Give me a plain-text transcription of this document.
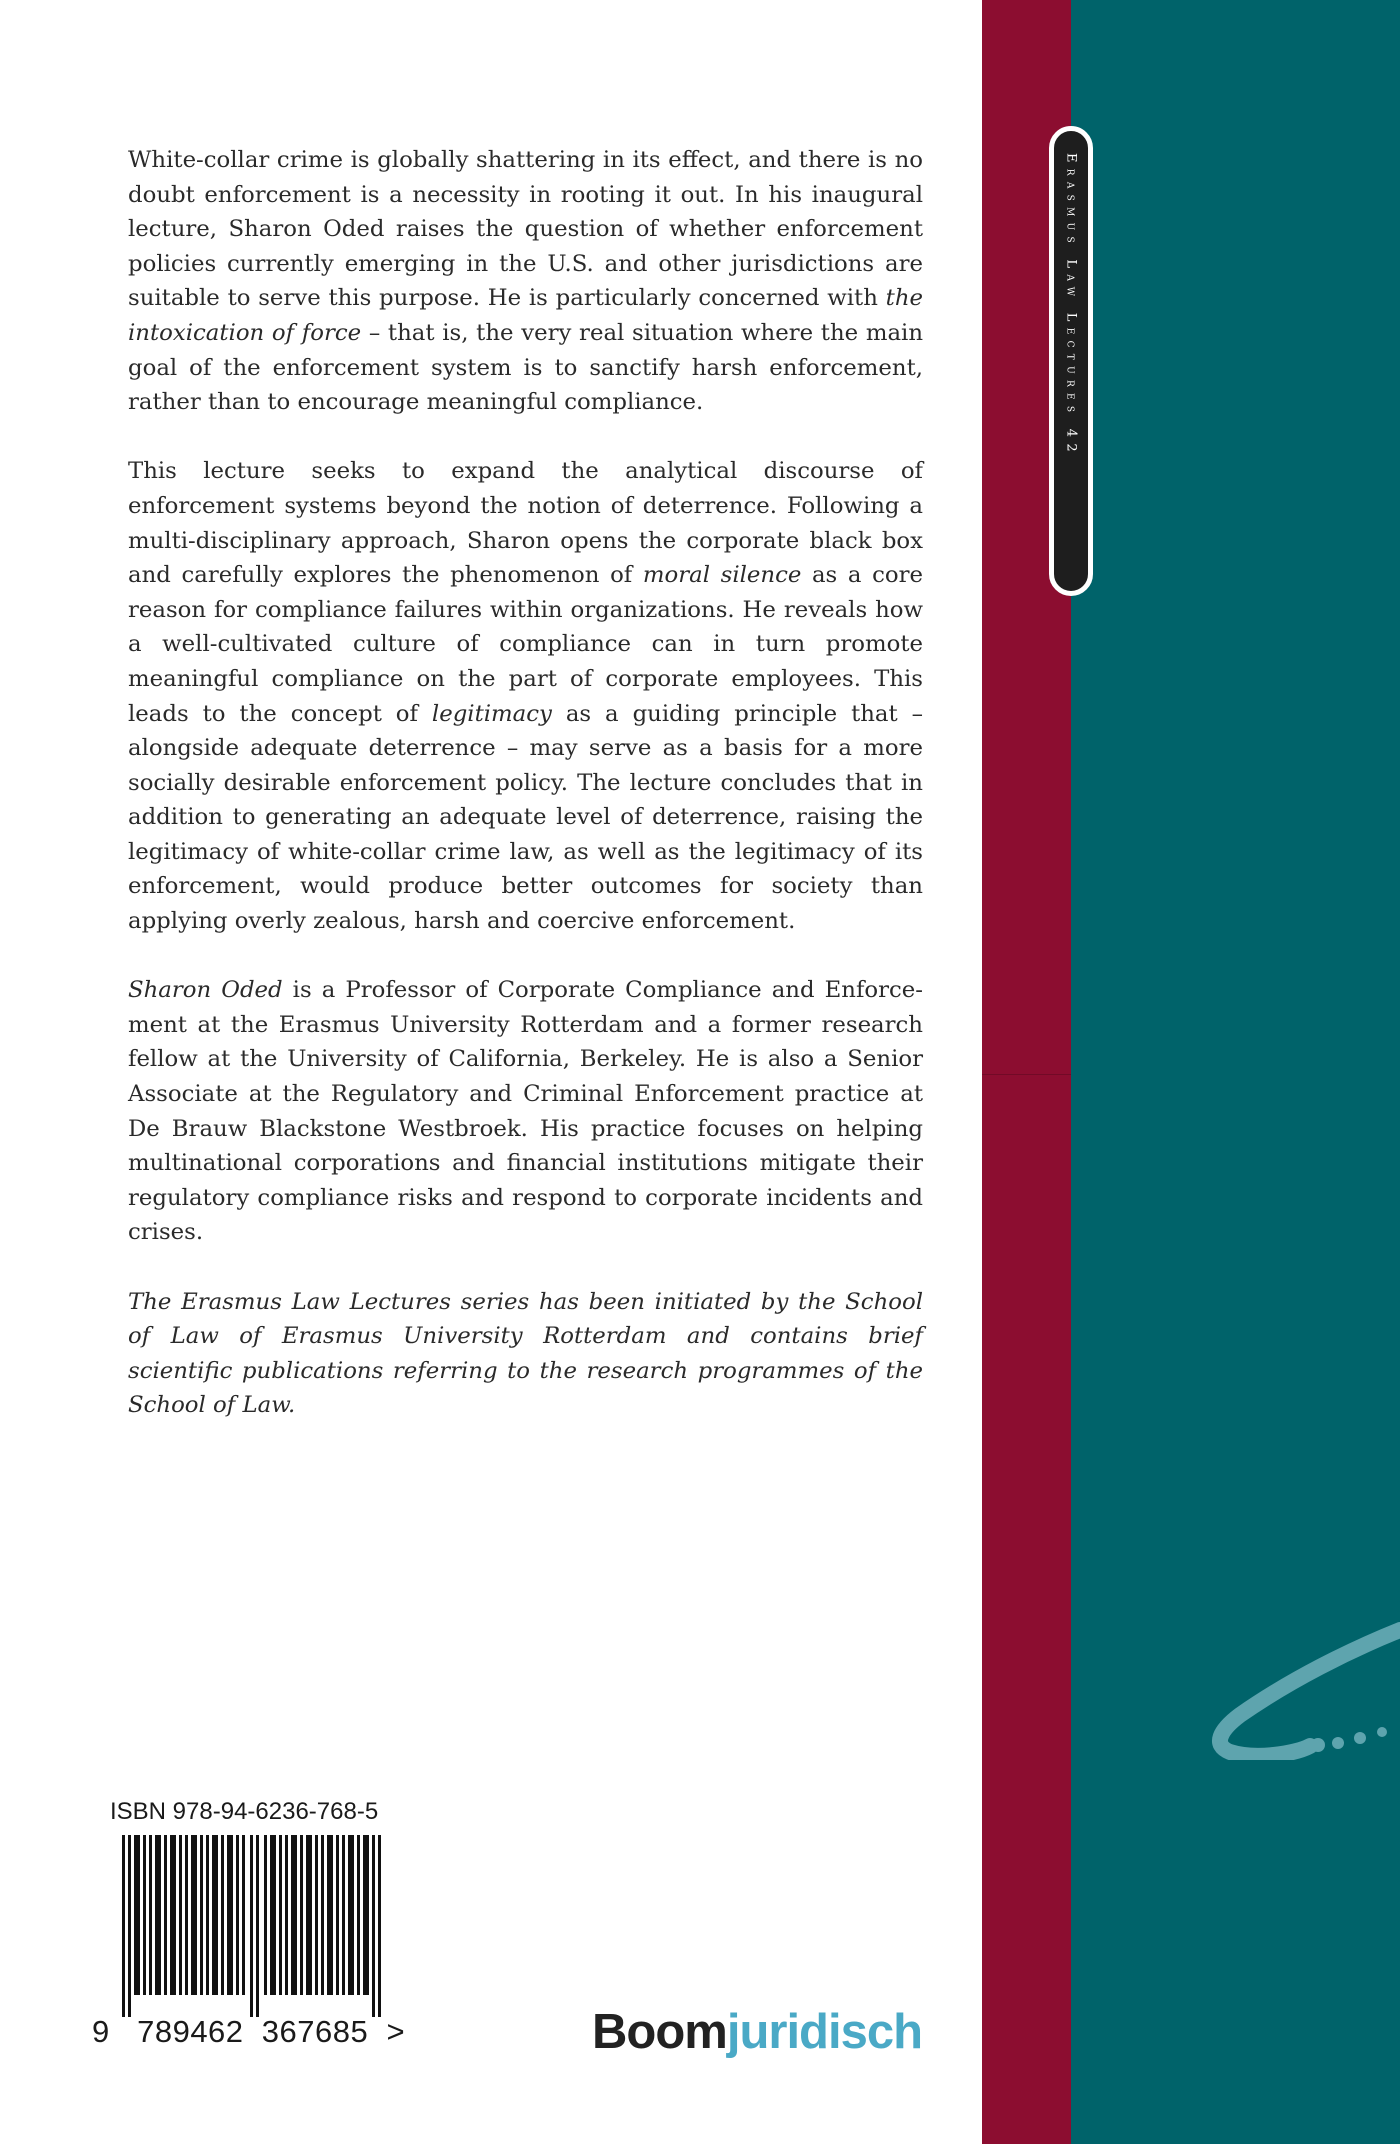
Erasmus Law Lectures 42

White-collar crime is globally shattering in its effect, and there is no doubt enforcement is a necessity in rooting it out. In his inaugural lecture, Sharon Oded raises the question of whether enforcement policies currently emerging in the U.S. and other jurisdictions are suitable to serve this purpose. He is particularly concerned with the intoxication of force – that is, the very real situation where the main goal of the enforcement system is to sanctify harsh enforcement, rather than to encourage meaningful compliance.

This lecture seeks to expand the analytical discourse of enforcement systems beyond the notion of deterrence. Following a multi-disciplinary approach, Sharon opens the corporate black box and carefully explores the phenomenon of moral silence as a core reason for compliance failures within organizations. He reveals how a well-cultivated culture of compliance can in turn promote meaningful compliance on the part of corporate employees. This leads to the concept of legitimacy as a guiding principle that – alongside adequate deterrence – may serve as a basis for a more socially desirable enforcement policy. The lecture concludes that in addition to generating an adequate level of deterrence, raising the legitimacy of white-collar crime law, as well as the legitimacy of its enforcement, would produce better outcomes for society than applying overly zealous, harsh and coercive enforcement.

Sharon Oded is a Professor of Corporate Compliance and Enforcement at the Erasmus University Rotterdam and a former research fellow at the University of California, Berkeley. He is also a Senior Associate at the Regulatory and Criminal Enforcement practice at De Brauw Blackstone Westbroek. His practice focuses on helping multinational corporations and financial institutions mitigate their regulatory compliance risks and respond to corporate incidents and crises.

The Erasmus Law Lectures series has been initiated by the School of Law of Erasmus University Rotterdam and contains brief scientific publications referring to the research programmes of the School of Law.

ISBN 978-94-6236-768-5
9 789462 367685 >	Boomjuridisch
